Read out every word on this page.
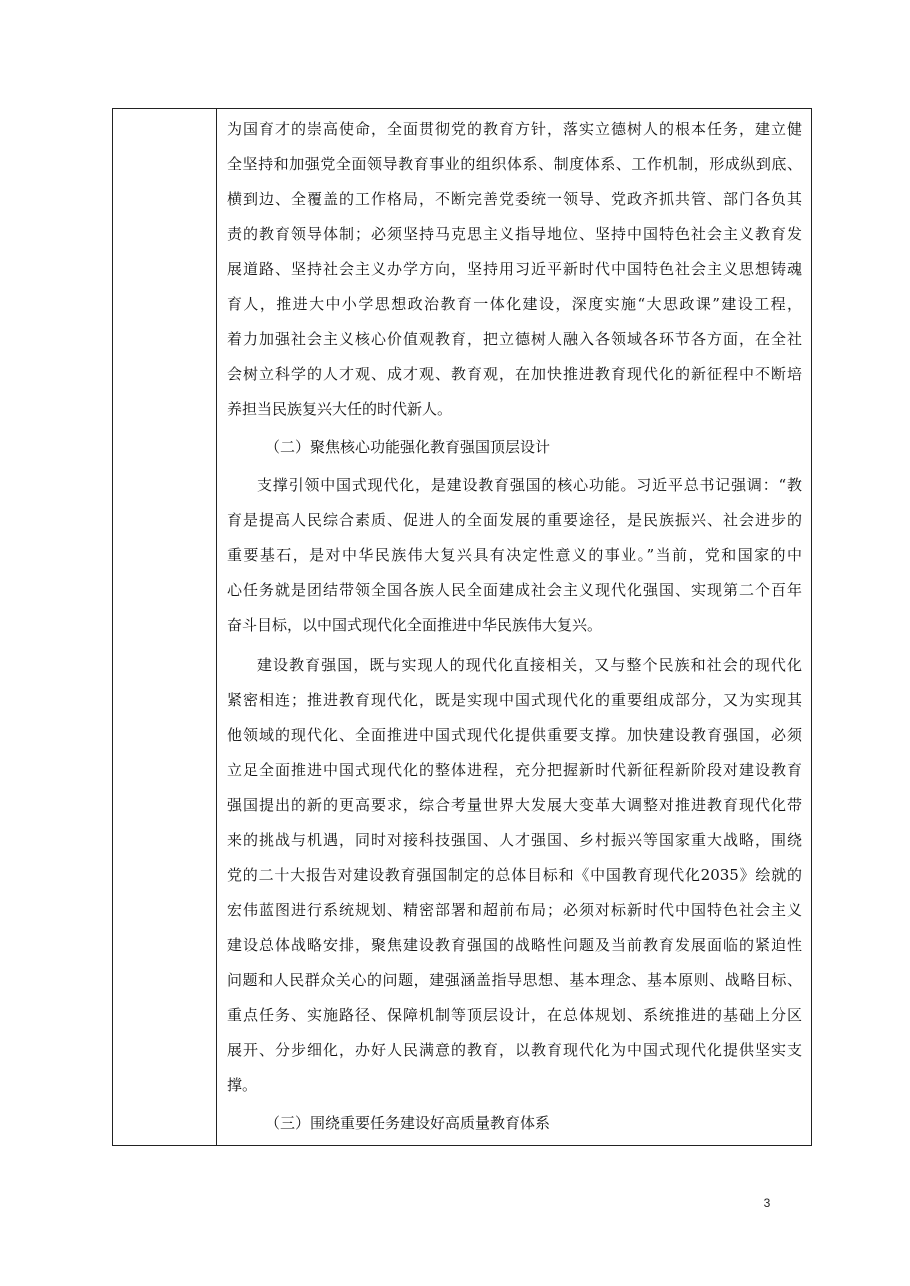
为国育才的崇高使命，全面贯彻党的教育方针，落实立德树人的根本任务，建立健
全坚持和加强党全面领导教育事业的组织体系、制度体系、工作机制，形成纵到底、
横到边、全覆盖的工作格局，不断完善党委统一领导、党政齐抓共管、部门各负其
责的教育领导体制；必须坚持马克思主义指导地位、坚持中国特色社会主义教育发
展道路、坚持社会主义办学方向，坚持用习近平新时代中国特色社会主义思想铸魂
育人，推进大中小学思想政治教育一体化建设，深度实施“大思政课”建设工程，
着力加强社会主义核心价值观教育，把立德树人融入各领域各环节各方面，在全社
会树立科学的人才观、成才观、教育观，在加快推进教育现代化的新征程中不断培
养担当民族复兴大任的时代新人。
（二）聚焦核心功能强化教育强国顶层设计
支撑引领中国式现代化，是建设教育强国的核心功能。习近平总书记强调：“教
育是提高人民综合素质、促进人的全面发展的重要途径，是民族振兴、社会进步的
重要基石，是对中华民族伟大复兴具有决定性意义的事业。”当前，党和国家的中
心任务就是团结带领全国各族人民全面建成社会主义现代化强国、实现第二个百年
奋斗目标，以中国式现代化全面推进中华民族伟大复兴。
建设教育强国，既与实现人的现代化直接相关，又与整个民族和社会的现代化
紧密相连；推进教育现代化，既是实现中国式现代化的重要组成部分，又为实现其
他领域的现代化、全面推进中国式现代化提供重要支撑。加快建设教育强国，必须
立足全面推进中国式现代化的整体进程，充分把握新时代新征程新阶段对建设教育
强国提出的新的更高要求，综合考量世界大发展大变革大调整对推进教育现代化带
来的挑战与机遇，同时对接科技强国、人才强国、乡村振兴等国家重大战略，围绕
党的二十大报告对建设教育强国制定的总体目标和《中国教育现代化2035》绘就的
宏伟蓝图进行系统规划、精密部署和超前布局；必须对标新时代中国特色社会主义
建设总体战略安排，聚焦建设教育强国的战略性问题及当前教育发展面临的紧迫性
问题和人民群众关心的问题，建强涵盖指导思想、基本理念、基本原则、战略目标、
重点任务、实施路径、保障机制等顶层设计，在总体规划、系统推进的基础上分区
展开、分步细化，办好人民满意的教育，以教育现代化为中国式现代化提供坚实支
撑。
（三）围绕重要任务建设好高质量教育体系
3
